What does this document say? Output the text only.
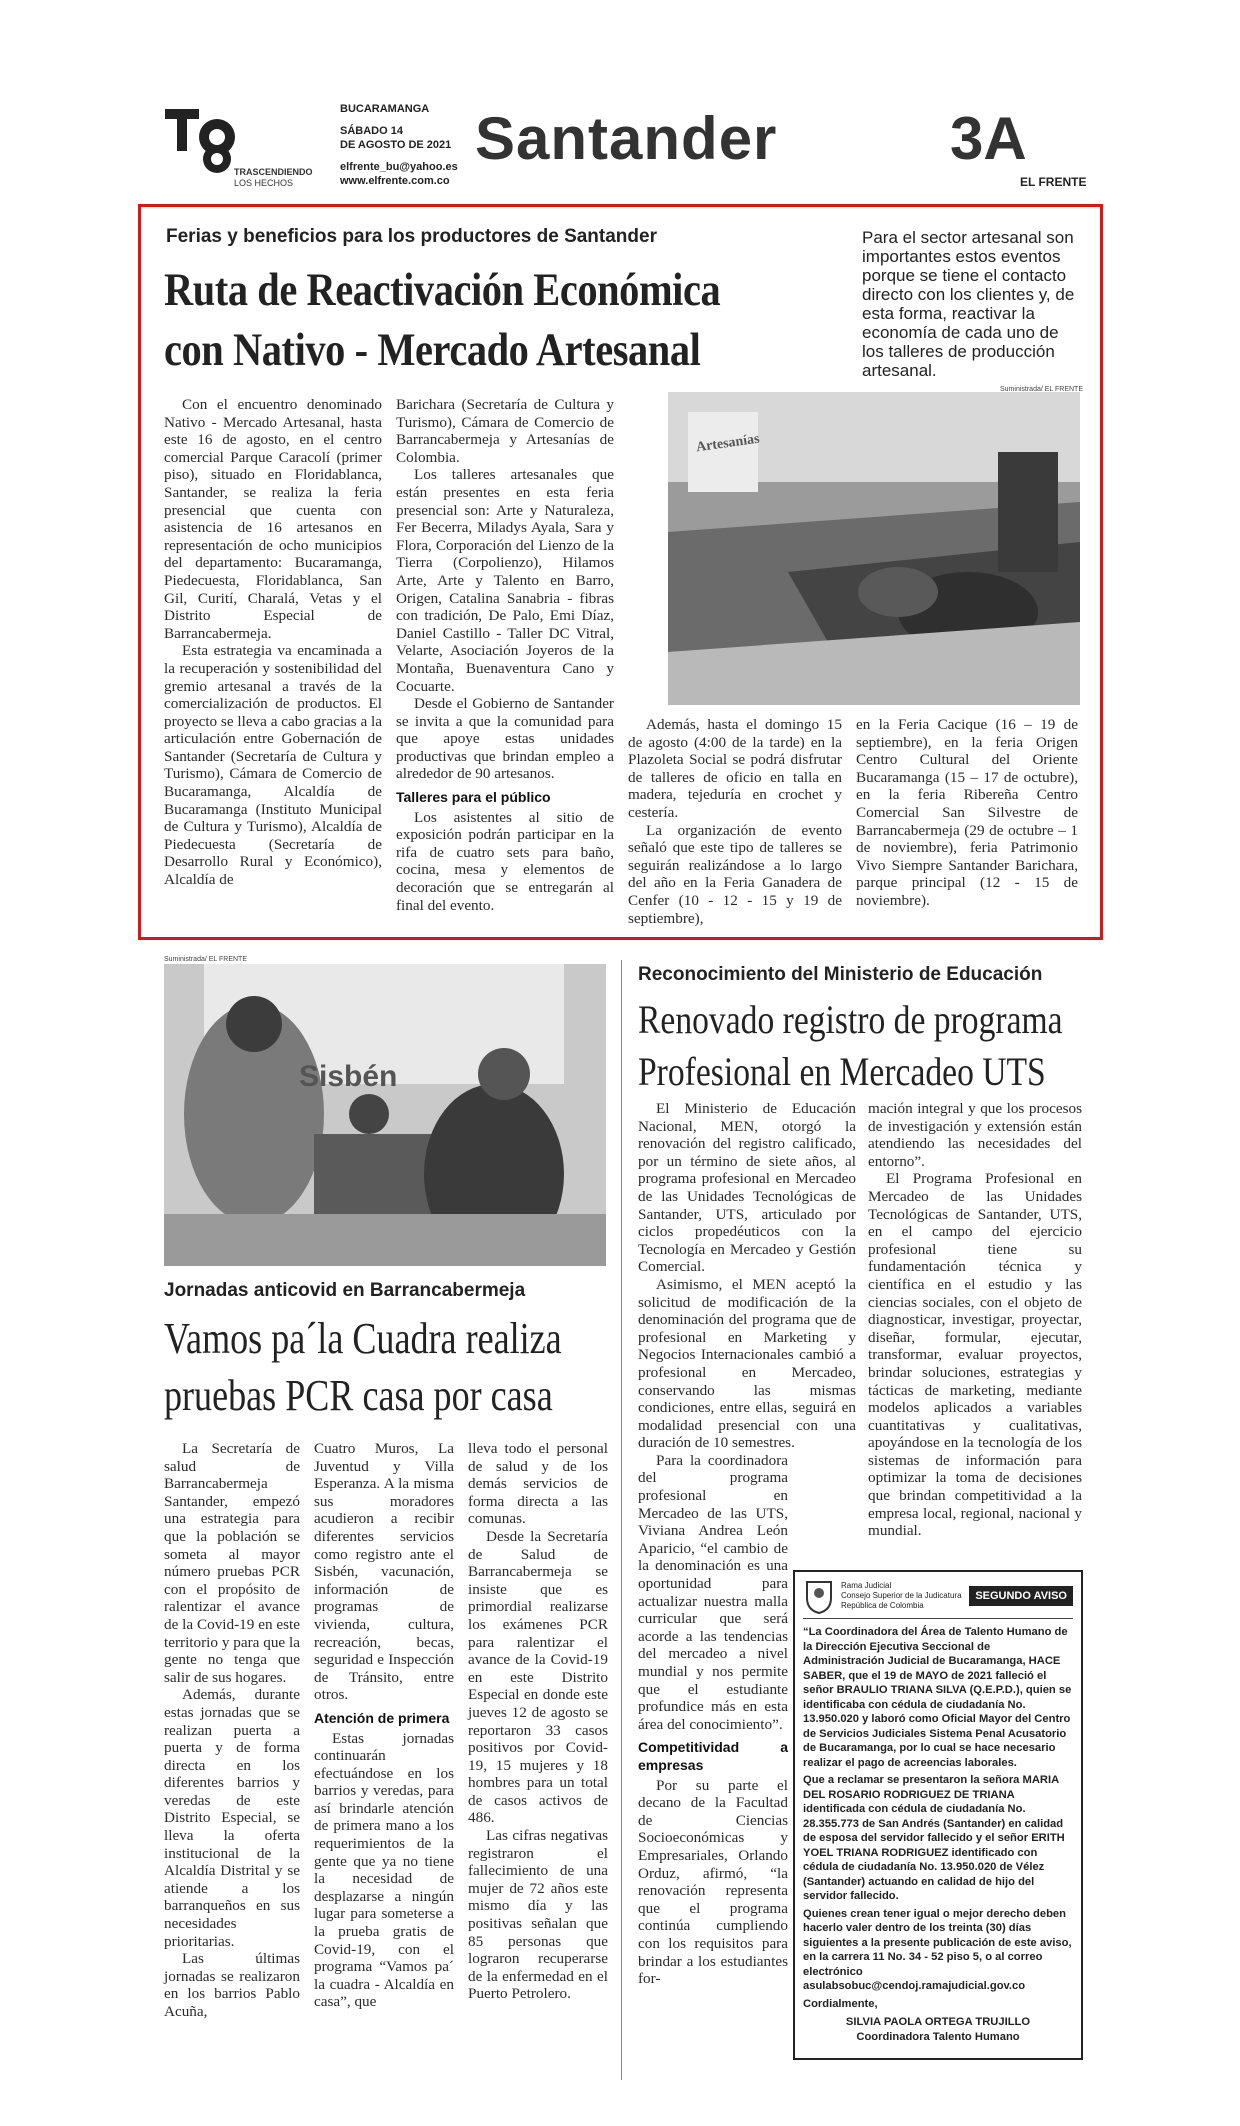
TRASCENDIENDO
LOS HECHOS
BUCARAMANGA
SÁBADO 14
DE AGOSTO DE 2021
elfrente_bu@yahoo.es
www.elfrente.com.co
Santander	3A
EL FRENTE
Ferias y beneficios para los productores de Santander
Ruta de Reactivación Económica
con Nativo - Mercado Artesanal
Para el sector artesanal son importantes estos eventos porque se tiene el contacto directo con los clientes y, de esta forma, reactivar la economía de cada uno de los talleres de producción artesanal.
Artesanías
Suministrada/ EL FRENTE

Con el encuentro denominado Nativo - Mercado Artesanal, hasta este 16 de agosto, en el centro comercial Parque Caracolí (primer piso), situado en Floridablanca, Santander, se realiza la feria presencial que cuenta con asistencia de 16 artesanos en representación de ocho municipios del departamento: Bucaramanga, Piedecuesta, Floridablanca, San Gil, Curití, Charalá, Vetas y el Distrito Especial de Barrancabermeja.

Esta estrategia va encaminada a la recuperación y sostenibilidad del gremio artesanal a través de la comercialización de productos. El proyecto se lleva a cabo gracias a la articulación entre Gobernación de Santander (Secretaría de Cultura y Turismo), Cámara de Comercio de Bucaramanga, Alcaldía de Bucaramanga (Instituto Municipal de Cultura y Turismo), Alcaldía de Piedecuesta (Secretaría de Desarrollo Rural y Económico), Alcaldía de

Barichara (Secretaría de Cultura y Turismo), Cámara de Comercio de Barrancabermeja y Artesanías de Colombia.

Los talleres artesanales que están presentes en esta feria presencial son: Arte y Naturaleza, Fer Becerra, Miladys Ayala, Sara y Flora, Corporación del Lienzo de la Tierra (Corpolienzo), Hilamos Arte, Arte y Talento en Barro, Origen, Catalina Sanabria - fibras con tradición, De Palo, Emi Díaz, Daniel Castillo - Taller DC Vitral, Velarte, Asociación Joyeros de la Montaña, Buenaventura Cano y Cocuarte.

Desde el Gobierno de Santander se invita a que la comunidad para que apoye estas unidades productivas que brindan empleo a alrededor de 90 artesanos.

Talleres para el público

Los asistentes al sitio de exposición podrán participar en la rifa de cuatro sets para baño, cocina, mesa y elementos de decoración que se entregarán al final del evento.

Además, hasta el domingo 15 de agosto (4:00 de la tarde) en la Plazoleta Social se podrá disfrutar de talleres de oficio en talla en madera, tejeduría en crochet y cestería.

La organización de evento señaló que este tipo de talleres se seguirán realizándose a lo largo del año en la Feria Ganadera de Cenfer (10 - 12 - 15 y 19 de septiembre),

en la Feria Cacique (16 – 19 de septiembre), en la feria Origen Centro Cultural del Oriente Bucaramanga (15 – 17 de octubre), en la feria Ribereña Centro Comercial San Silvestre de Barrancabermeja (29 de octubre – 1 de noviembre), feria Patrimonio Vivo Siempre Santander Barichara, parque principal (12 - 15 de noviembre).

Suministrada/ EL FRENTE
Sisbén
Jornadas anticovid en Barrancabermeja
Vamos pa´la Cuadra realiza
pruebas PCR casa por casa

La Secretaría de salud de Barrancabermeja Santander, empezó una estrategia para que la población se someta al mayor número pruebas PCR con el propósito de ralentizar el avance de la Covid-19 en este territorio y para que la gente no tenga que salir de sus hogares.

Además, durante estas jornadas que se realizan puerta a puerta y de forma directa en los diferentes barrios y veredas de este Distrito Especial, se lleva la oferta institucional de la Alcaldía Distrital y se atiende a los barranqueños en sus necesidades prioritarias.

Las últimas jornadas se realizaron en los barrios Pablo Acuña,

Cuatro Muros, La Juventud y Villa Esperanza. A la misma sus moradores acudieron a recibir diferentes servicios como registro ante el Sisbén, vacunación, información de programas de vivienda, cultura, recreación, becas, seguridad e Inspección de Tránsito, entre otros.

Atención de primera

Estas jornadas continuarán efectuándose en los barrios y veredas, para así brindarle atención de primera mano a los requerimientos de la gente que ya no tiene la necesidad de desplazarse a ningún lugar para someterse a la prueba gratis de Covid-19, con el programa “Vamos pa´ la cuadra - Alcaldía en casa”, que

lleva todo el personal de salud y de los demás servicios de forma directa a las comunas.

Desde la Secretaría de Salud de Barrancabermeja se insiste que es primordial realizarse los exámenes PCR para ralentizar el avance de la Covid-19 en este Distrito Especial en donde este jueves 12 de agosto se reportaron 33 casos positivos por Covid-19, 15 mujeres y 18 hombres para un total de casos activos de 486.

Las cifras negativas registraron el fallecimiento de una mujer de 72 años este mismo día y las positivas señalan que 85 personas que lograron recuperarse de la enfermedad en el Puerto Petrolero.

Reconocimiento del Ministerio de Educación
Renovado registro de programa
Profesional en Mercadeo UTS

El Ministerio de Educación Nacional, MEN, otorgó la renovación del registro calificado, por un término de siete años, al programa profesional en Mercadeo de las Unidades Tecnológicas de Santander, UTS, articulado por ciclos propedéuticos con la Tecnología en Mercadeo y Gestión Comercial.

Asimismo, el MEN aceptó la solicitud de modificación de la denominación del programa que de profesional en Marketing y Negocios Internacionales cambió a profesional en Mercadeo, conservando las mismas condiciones, entre ellas, seguirá en modalidad presencial con una duración de 10 semestres.

Para la coordinadora del programa profesional en Mercadeo de las UTS, Viviana Andrea León Aparicio, “el cambio de la denominación es una oportunidad para actualizar nuestra malla curricular que será acorde a las tendencias del mercadeo a nivel mundial y nos permite que el estudiante profundice más en esta área del conocimiento”.

Competitividad a empresas

Por su parte el decano de la Facultad de Ciencias Socioeconómicas y Empresariales, Orlando Orduz, afirmó, “la renovación representa que el programa continúa cumpliendo con los requisitos para brindar a los estudiantes for-

mación integral y que los procesos de investigación y extensión están atendiendo las necesidades del entorno”.

El Programa Profesional en Mercadeo de las Unidades Tecnológicas de Santander, UTS, en el campo del ejercicio profesional tiene su fundamentación técnica y científica en el estudio y las ciencias sociales, con el objeto de diagnosticar, investigar, proyectar, diseñar, formular, ejecutar, transformar, evaluar proyectos, brindar soluciones, estrategias y tácticas de marketing, mediante modelos aplicados a variables cuantitativas y cualitativas, apoyándose en la tecnología de los sistemas de información para optimizar la toma de decisiones que brindan competitividad a la empresa local, regional, nacional y mundial.

Rama Judicial
Consejo Superior de la Judicatura
República de Colombia
SEGUNDO AVISO
“La Coordinadora del Área de Talento Humano de la Dirección Ejecutiva Seccional de Administración Judicial de Bucaramanga, HACE SABER, que el 19 de MAYO de 2021 falleció el señor BRAULIO TRIANA SILVA (Q.E.P.D.), quien se identificaba con cédula de ciudadanía No. 13.950.020 y laboró como Oficial Mayor del Centro de Servicios Judiciales Sistema Penal Acusatorio de Bucaramanga, por lo cual se hace necesario realizar el pago de acreencias laborales.
Que a reclamar se presentaron la señora MARIA DEL ROSARIO RODRIGUEZ DE TRIANA identificada con cédula de ciudadanía No. 28.355.773 de San Andrés (Santander) en calidad de esposa del servidor fallecido y el señor ERITH YOEL TRIANA RODRIGUEZ identificado con cédula de ciudadanía No. 13.950.020 de Vélez (Santander) actuando en calidad de hijo del servidor fallecido.
Quienes crean tener igual o mejor derecho deben hacerlo valer dentro de los treinta (30) días siguientes a la presente publicación de este aviso, en la carrera 11 No. 34 - 52 piso 5, o al correo electrónico asulabsobuc@cendoj.ramajudicial.gov.co
Cordialmente,
SILVIA PAOLA ORTEGA TRUJILLO
Coordinadora Talento Humano
